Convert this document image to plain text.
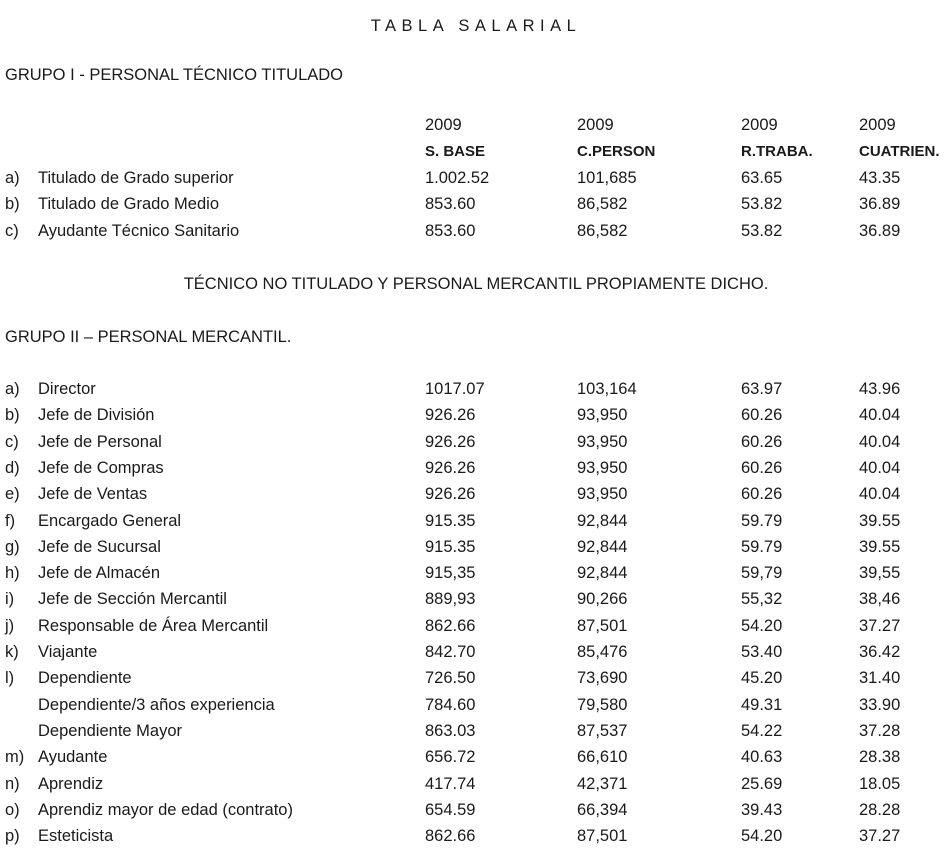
TABLA SALARIAL
GRUPO I - PERSONAL TÉCNICO TITULADO
2009	2009	2009	2009
S. BASE	C.PERSON	R.TRABA.	CUATRIEN.
a) Titulado de Grado superior	1.002.52	101,685	63.65	43.35
b) Titulado de Grado Medio	853.60	86,582	53.82	36.89
c) Ayudante Técnico Sanitario	853.60	86,582	53.82	36.89
TÉCNICO NO TITULADO Y PERSONAL MERCANTIL PROPIAMENTE DICHO.
GRUPO II – PERSONAL MERCANTIL.
a) Director	1017.07	103,164	63.97	43.96
b) Jefe de División	926.26	93,950	60.26	40.04
c) Jefe de Personal	926.26	93,950	60.26	40.04
d) Jefe de Compras	926.26	93,950	60.26	40.04
e) Jefe de Ventas	926.26	93,950	60.26	40.04
f) Encargado General	915.35	92,844	59.79	39.55
g) Jefe de Sucursal	915.35	92,844	59.79	39.55
h) Jefe de Almacén	915,35	92,844	59,79	39,55
i) Jefe de Sección Mercantil	889,93	90,266	55,32	38,46
j) Responsable de Área Mercantil	862.66	87,501	54.20	37.27
k) Viajante	842.70	85,476	53.40	36.42
l) Dependiente	726.50	73,690	45.20	31.40
Dependiente/3 años experiencia	784.60	79,580	49.31	33.90
Dependiente Mayor	863.03	87,537	54.22	37.28
m) Ayudante	656.72	66,610	40.63	28.38
n) Aprendiz	417.74	42,371	25.69	18.05
o) Aprendiz mayor de edad (contrato)	654.59	66,394	39.43	28.28
p) Esteticista	862.66	87,501	54.20	37.27
